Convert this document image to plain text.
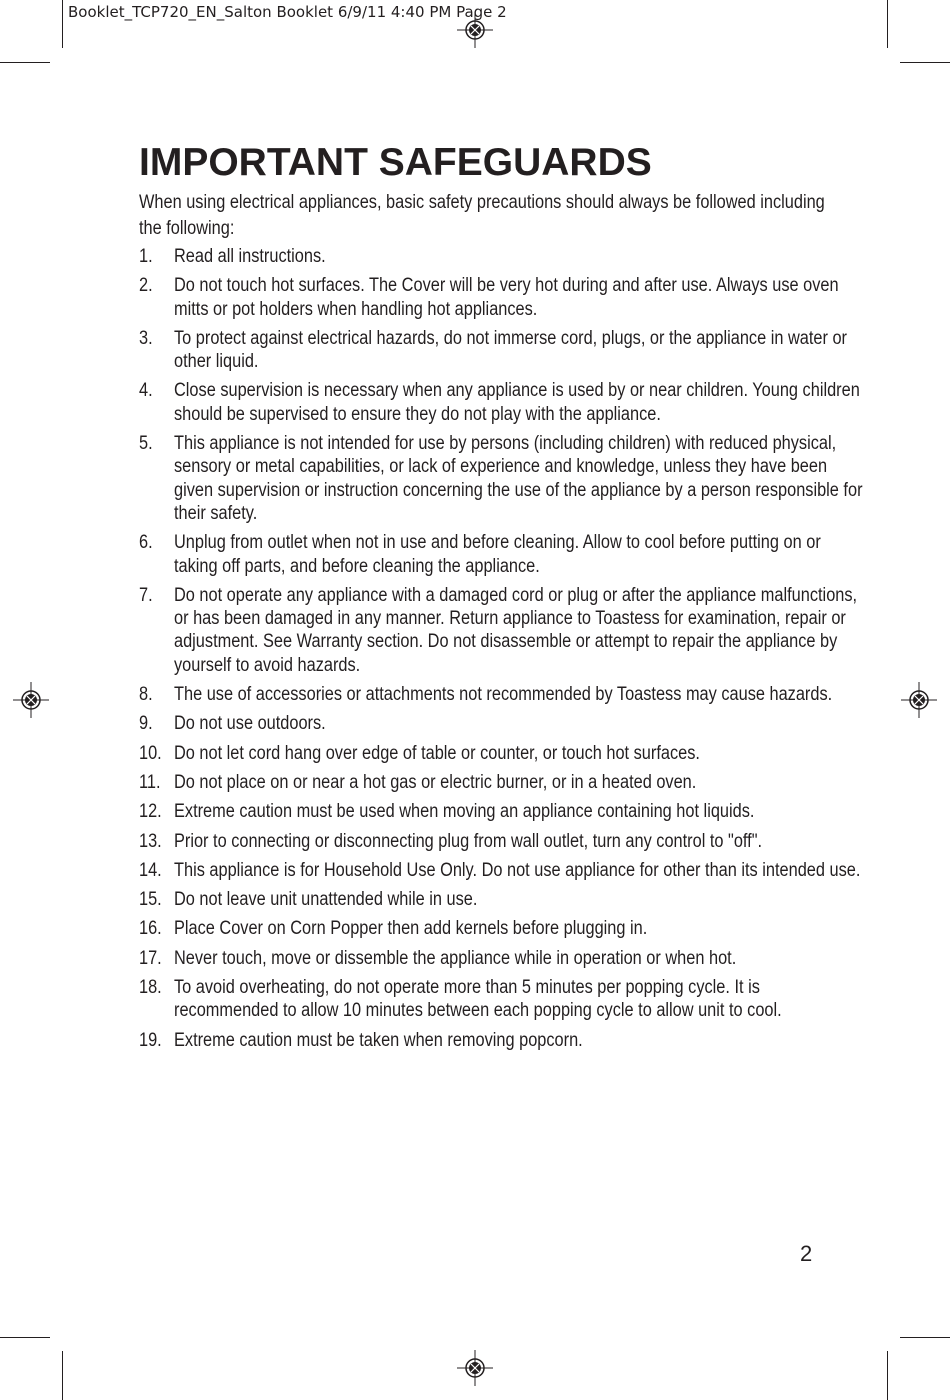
Booklet_TCP720_EN_Salton Booklet 6/9/11 4:40 PM Page 2
IMPORTANT SAFEGUARDS

When using electrical appliances, basic safety precautions should always be followed including the following:

1. Read all instructions.
2. Do not touch hot surfaces. The Cover will be very hot during and after use. Always use oven mitts or pot holders when handling hot appliances.
3. To protect against electrical hazards, do not immerse cord, plugs, or the appliance in water or other liquid.
4. Close supervision is necessary when any appliance is used by or near children. Young children should be supervised to ensure they do not play with the appliance.
5. This appliance is not intended for use by persons (including children) with reduced physical, sensory or metal capabilities, or lack of experience and knowledge, unless they have been given supervision or instruction concerning the use of the appliance by a person responsible for their safety.
6. Unplug from outlet when not in use and before cleaning. Allow to cool before putting on or taking off parts, and before cleaning the appliance.
7. Do not operate any appliance with a damaged cord or plug or after the appliance malfunctions, or has been damaged in any manner. Return appliance to Toastess for examination, repair or adjustment. See Warranty section. Do not disassemble or attempt to repair the appliance by yourself to avoid hazards.
8. The use of accessories or attachments not recommended by Toastess may cause hazards.
9. Do not use outdoors.
10. Do not let cord hang over edge of table or counter, or touch hot surfaces.
11. Do not place on or near a hot gas or electric burner, or in a heated oven.
12. Extreme caution must be used when moving an appliance containing hot liquids.
13. Prior to connecting or disconnecting plug from wall outlet, turn any control to "off".
14. This appliance is for Household Use Only. Do not use appliance for other than its intended use.
15. Do not leave unit unattended while in use.
16. Place Cover on Corn Popper then add kernels before plugging in.
17. Never touch, move or dissemble the appliance while in operation or when hot.
18. To avoid overheating, do not operate more than 5 minutes per popping cycle. It is recommended to allow 10 minutes between each popping cycle to allow unit to cool.
19. Extreme caution must be taken when removing popcorn.
2
